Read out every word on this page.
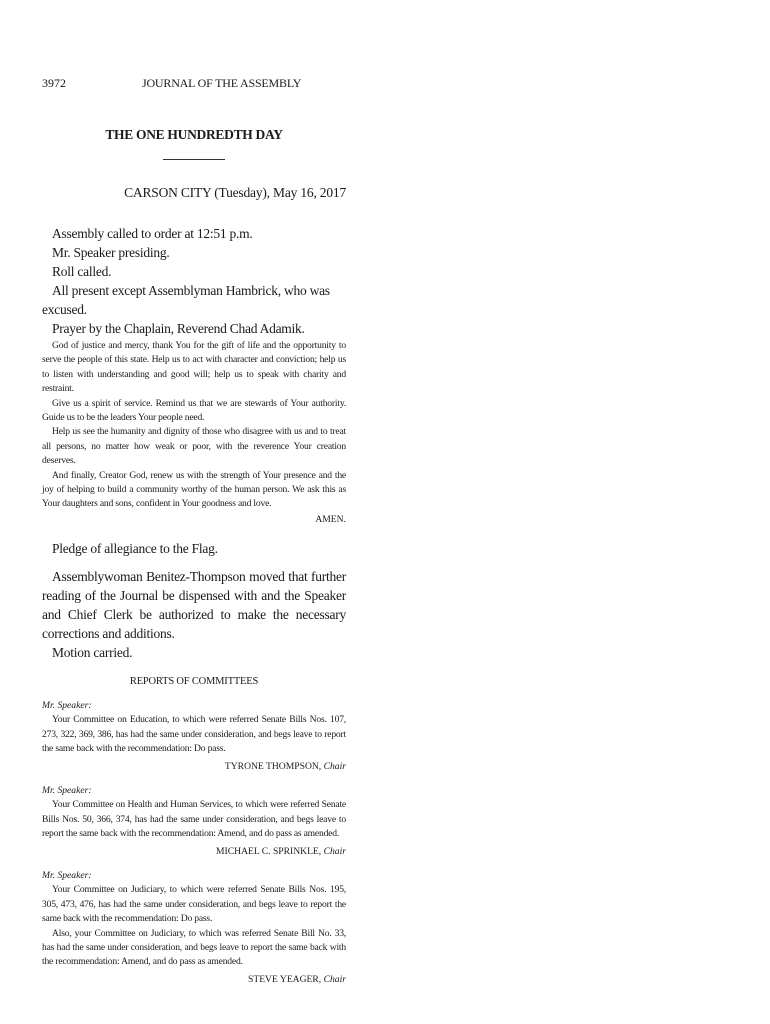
3972	JOURNAL OF THE ASSEMBLY
THE ONE HUNDREDTH DAY
CARSON CITY (Tuesday), May 16, 2017

Assembly called to order at 12:51 p.m.

Mr. Speaker presiding.

Roll called.

All present except Assemblyman Hambrick, who was excused.

Prayer by the Chaplain, Reverend Chad Adamik.

God of justice and mercy, thank You for the gift of life and the opportunity to serve the people of this state. Help us to act with character and conviction; help us to listen with understanding and good will; help us to speak with charity and restraint.

Give us a spirit of service. Remind us that we are stewards of Your authority. Guide us to be the leaders Your people need.

Help us see the humanity and dignity of those who disagree with us and to treat all persons, no matter how weak or poor, with the reverence Your creation deserves.

And finally, Creator God, renew us with the strength of Your presence and the joy of helping to build a community worthy of the human person. We ask this as Your daughters and sons, confident in Your goodness and love.

AMEN.

Pledge of allegiance to the Flag.

Assemblywoman Benitez-Thompson moved that further reading of the Journal be dispensed with and the Speaker and Chief Clerk be authorized to make the necessary corrections and additions.

Motion carried.

REPORTS OF COMMITTEES
Mr. Speaker:

Your Committee on Education, to which were referred Senate Bills Nos. 107, 273, 322, 369, 386, has had the same under consideration, and begs leave to report the same back with the recommendation: Do pass.

TYRONE THOMPSON, Chair
Mr. Speaker:

Your Committee on Health and Human Services, to which were referred Senate Bills Nos. 50, 366, 374, has had the same under consideration, and begs leave to report the same back with the recommendation: Amend, and do pass as amended.

MICHAEL C. SPRINKLE, Chair
Mr. Speaker:

Your Committee on Judiciary, to which were referred Senate Bills Nos. 195, 305, 473, 476, has had the same under consideration, and begs leave to report the same back with the recommendation: Do pass.

Also, your Committee on Judiciary, to which was referred Senate Bill No. 33, has had the same under consideration, and begs leave to report the same back with the recommendation: Amend, and do pass as amended.

STEVE YEAGER, Chair
